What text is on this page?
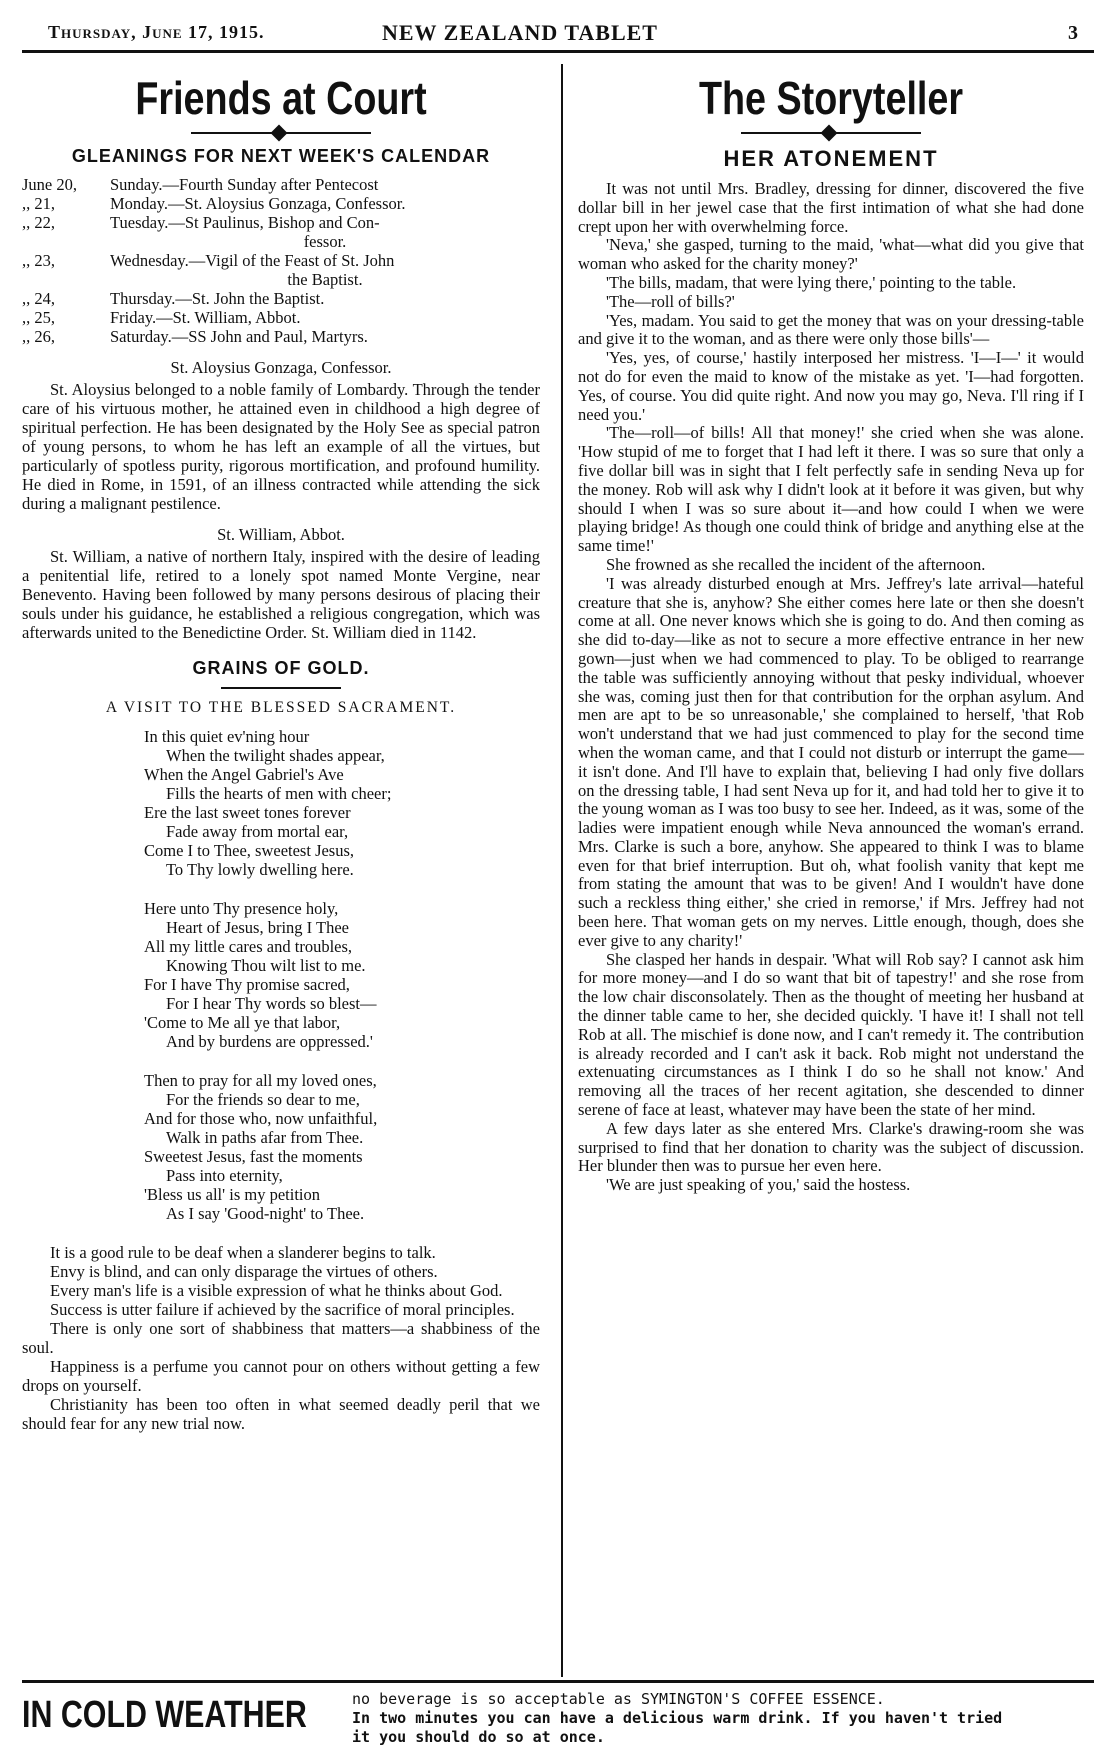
Thursday, June 17, 1915.	NEW ZEALAND TABLET	3
Friends at Court
GLEANINGS FOR NEXT WEEK'S CALENDAR
June 20,	Sunday.—Fourth Sunday after Pentecost
,, 21,	Monday.—St. Aloysius Gonzaga, Confessor.
,, 22,	Tuesday.—St Paulinus, Bishop and Con-
fessor.
,, 23,	Wednesday.—Vigil of the Feast of St. John
the Baptist.
,, 24,	Thursday.—St. John the Baptist.
,, 25,	Friday.—St. William, Abbot.
,, 26,	Saturday.—SS John and Paul, Martyrs.
St. Aloysius Gonzaga, Confessor.

St. Aloysius belonged to a noble family of Lombardy. Through the tender care of his virtuous mother, he attained even in childhood a high degree of spiritual perfection. He has been designated by the Holy See as special patron of young persons, to whom he has left an example of all the virtues, but particularly of spotless purity, rigorous mortification, and profound humility. He died in Rome, in 1591, of an illness contracted while attending the sick during a malignant pestilence.

St. William, Abbot.

St. William, a native of northern Italy, inspired with the desire of leading a penitential life, retired to a lonely spot named Monte Vergine, near Benevento. Having been followed by many persons desirous of placing their souls under his guidance, he established a religious congregation, which was afterwards united to the Benedictine Order. St. William died in 1142.

GRAINS OF GOLD.
A VISIT TO THE BLESSED SACRAMENT.
In this quiet ev'ning hour
When the twilight shades appear,
When the Angel Gabriel's Ave
Fills the hearts of men with cheer;
Ere the last sweet tones forever
Fade away from mortal ear,
Come I to Thee, sweetest Jesus,
To Thy lowly dwelling here.
Here unto Thy presence holy,
Heart of Jesus, bring I Thee
All my little cares and troubles,
Knowing Thou wilt list to me.
For I have Thy promise sacred,
For I hear Thy words so blest—
'Come to Me all ye that labor,
And by burdens are oppressed.'
Then to pray for all my loved ones,
For the friends so dear to me,
And for those who, now unfaithful,
Walk in paths afar from Thee.
Sweetest Jesus, fast the moments
Pass into eternity,
'Bless us all' is my petition
As I say 'Good-night' to Thee.

It is a good rule to be deaf when a slanderer begins to talk.

Envy is blind, and can only disparage the virtues of others.

Every man's life is a visible expression of what he thinks about God.

Success is utter failure if achieved by the sacrifice of moral principles.

There is only one sort of shabbiness that matters—a shabbiness of the soul.

Happiness is a perfume you cannot pour on others without getting a few drops on yourself.

Christianity has been too often in what seemed deadly peril that we should fear for any new trial now.

The Storyteller
HER ATONEMENT

It was not until Mrs. Bradley, dressing for dinner, discovered the five dollar bill in her jewel case that the first intimation of what she had done crept upon her with overwhelming force.

'Neva,' she gasped, turning to the maid, 'what—what did you give that woman who asked for the charity money?'

'The bills, madam, that were lying there,' pointing to the table.

'The—roll of bills?'

'Yes, madam. You said to get the money that was on your dressing-table and give it to the woman, and as there were only those bills'—

'Yes, yes, of course,' hastily interposed her mistress. 'I—I—' it would not do for even the maid to know of the mistake as yet. 'I—had forgotten. Yes, of course. You did quite right. And now you may go, Neva. I'll ring if I need you.'

'The—roll—of bills! All that money!' she cried when she was alone. 'How stupid of me to forget that I had left it there. I was so sure that only a five dollar bill was in sight that I felt perfectly safe in sending Neva up for the money. Rob will ask why I didn't look at it before it was given, but why should I when I was so sure about it—and how could I when we were playing bridge! As though one could think of bridge and anything else at the same time!'

She frowned as she recalled the incident of the afternoon.

'I was already disturbed enough at Mrs. Jeffrey's late arrival—hateful creature that she is, anyhow? She either comes here late or then she doesn't come at all. One never knows which she is going to do. And then coming as she did to-day—like as not to secure a more effective entrance in her new gown—just when we had commenced to play. To be obliged to rearrange the table was sufficiently annoying without that pesky individual, whoever she was, coming just then for that contribution for the orphan asylum. And men are apt to be so unreasonable,' she complained to herself, 'that Rob won't understand that we had just commenced to play for the second time when the woman came, and that I could not disturb or interrupt the game—it isn't done. And I'll have to explain that, believing I had only five dollars on the dressing table, I had sent Neva up for it, and had told her to give it to the young woman as I was too busy to see her. Indeed, as it was, some of the ladies were impatient enough while Neva announced the woman's errand. Mrs. Clarke is such a bore, anyhow. She appeared to think I was to blame even for that brief interruption. But oh, what foolish vanity that kept me from stating the amount that was to be given! And I wouldn't have done such a reckless thing either,' she cried in remorse,' if Mrs. Jeffrey had not been here. That woman gets on my nerves. Little enough, though, does she ever give to any charity!'

She clasped her hands in despair. 'What will Rob say? I cannot ask him for more money—and I do so want that bit of tapestry!' and she rose from the low chair disconsolately. Then as the thought of meeting her husband at the dinner table came to her, she decided quickly. 'I have it! I shall not tell Rob at all. The mischief is done now, and I can't remedy it. The contribution is already recorded and I can't ask it back. Rob might not understand the extenuating circumstances as I think I do so he shall not know.' And removing all the traces of her recent agitation, she descended to dinner serene of face at least, whatever may have been the state of her mind.

A few days later as she entered Mrs. Clarke's drawing-room she was surprised to find that her donation to charity was the subject of discussion. Her blunder then was to pursue her even here.

'We are just speaking of you,' said the hostess.

IN COLD WEATHER	no beverage is so acceptable as SYMINGTON'S COFFEE ESSENCE.
In two minutes you can have a delicious warm drink. If you haven't tried
it you should do so at once.
